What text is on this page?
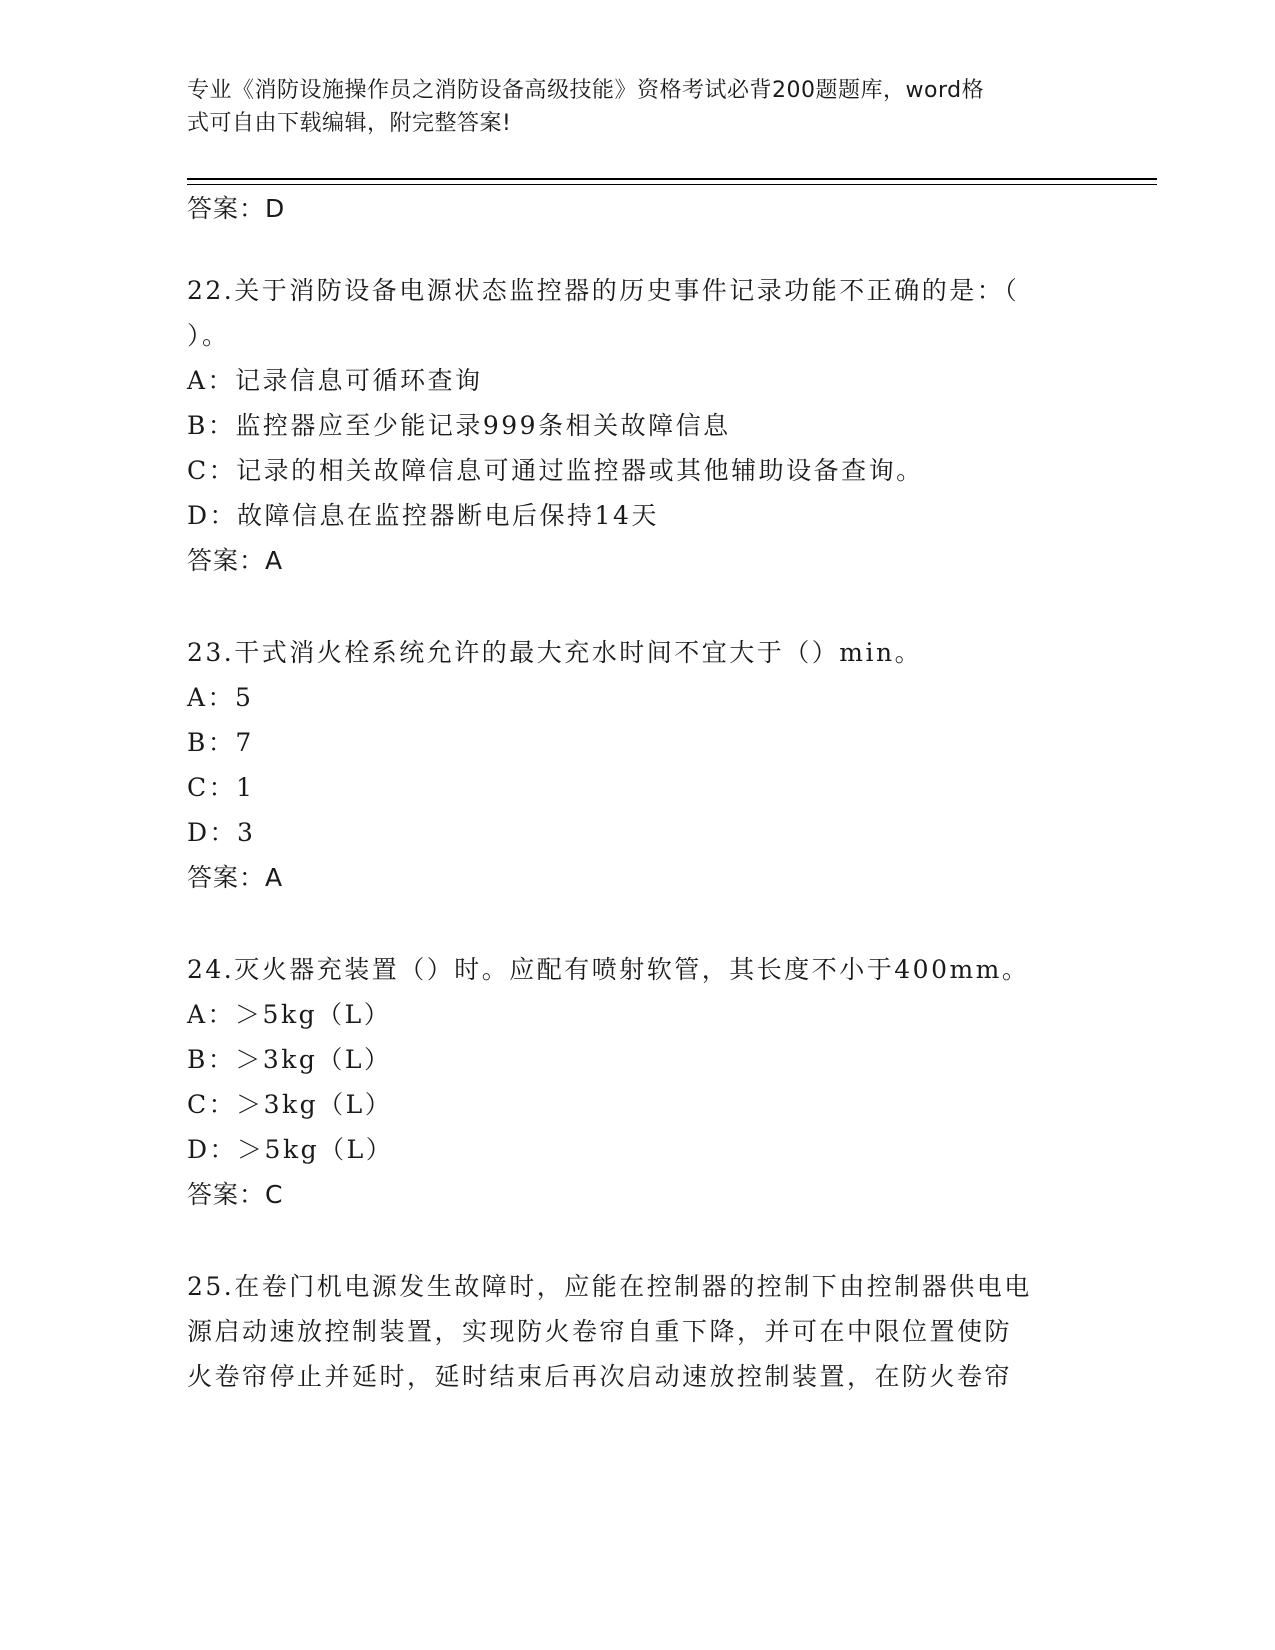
专业《消防设施操作员之消防设备高级技能》资格考试必背200题题库，word格
式可自由下载编辑，附完整答案!
答案：D
22.关于消防设备电源状态监控器的历史事件记录功能不正确的是：（
）。
A：记录信息可循环查询
B：监控器应至少能记录999条相关故障信息
C：记录的相关故障信息可通过监控器或其他辅助设备查询。
D：故障信息在监控器断电后保持14天
答案：A
23.干式消火栓系统允许的最大充水时间不宜大于（）min。
A：5
B：7
C：1
D：3
答案：A
24.灭火器充装置（）时。应配有喷射软管，其长度不小于400mm。
A：＞5kg（L）
B：＞3kg（L）
C：＞3kg（L）
D：＞5kg（L）
答案：C
25.在卷门机电源发生故障时，应能在控制器的控制下由控制器供电电
源启动速放控制装置，实现防火卷帘自重下降，并可在中限位置使防
火卷帘停止并延时，延时结束后再次启动速放控制装置，在防火卷帘
